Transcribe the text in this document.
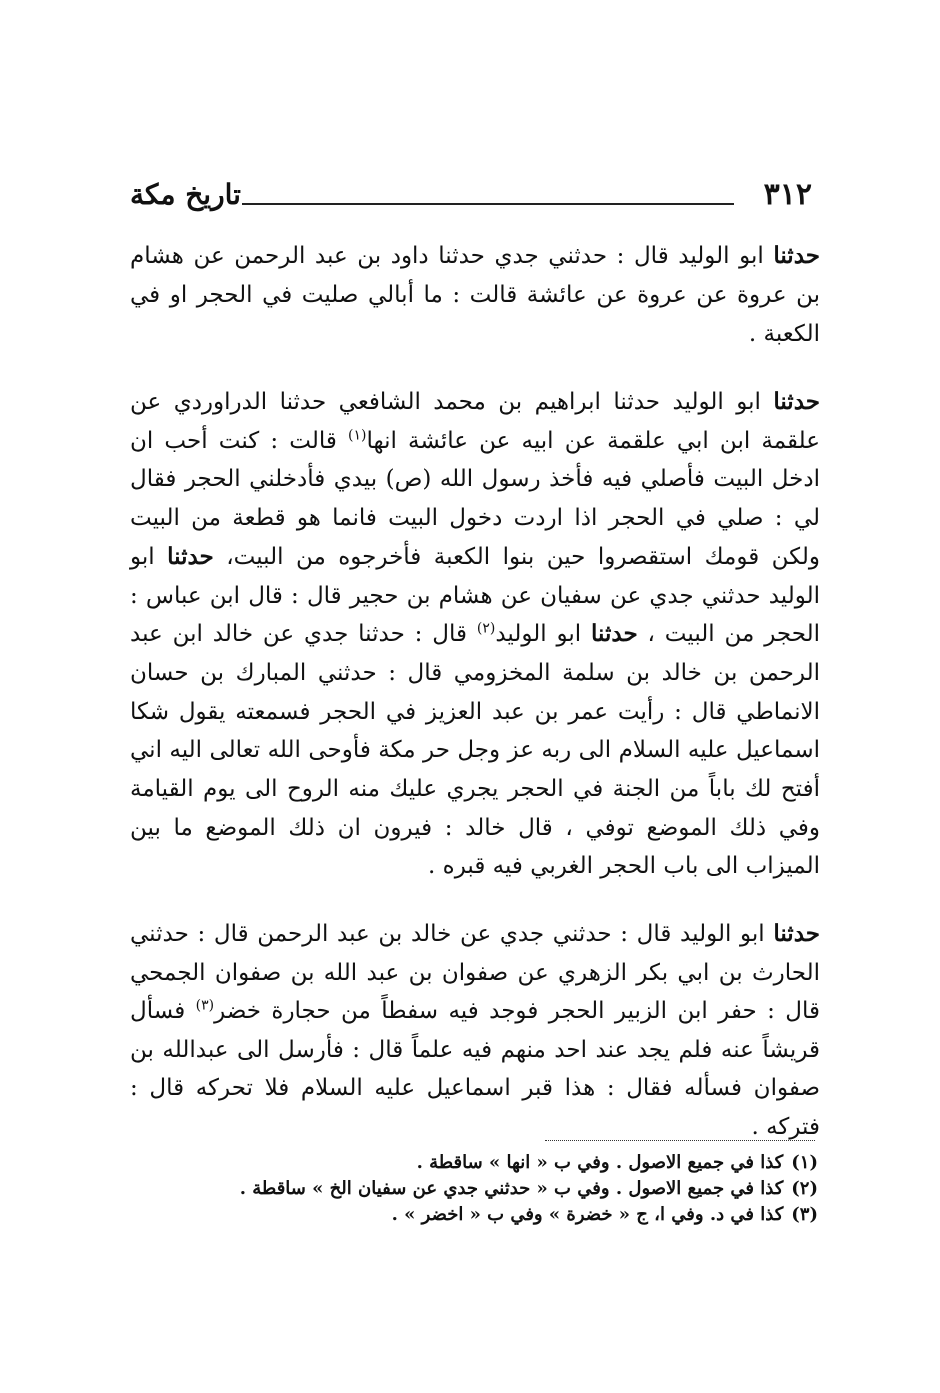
٣١٢
تاريخ مكة

حدثنا ابو الوليد قال : حدثني جدي حدثنا داود بن عبد الرحمن عن هشام بن عروة عن عروة عن عائشة قالت : ما أبالي صليت في الحجر او في الكعبة .

حدثنا ابو الوليد حدثنا ابراهيم بن محمد الشافعي حدثنا الدراوردي عن علقمة ابن ابي علقمة عن ابيه عن عائشة انها$^{(١)}$ قالت : كنت أحب ان ادخل البيت فأصلي فيه فأخذ رسول الله (ص) بيدي فأدخلني الحجر فقال لي : صلي في الحجر اذا اردت دخول البيت فانما هو قطعة من البيت ولكن قومك استقصروا حين بنوا الكعبة فأخرجوه من البيت، حدثنا ابو الوليد حدثني جدي عن سفيان عن هشام بن حجير قال : قال ابن عباس : الحجر من البيت ، حدثنا ابو الوليد$^{(٢)}$ قال : حدثنا جدي عن خالد ابن عبد الرحمن بن خالد بن سلمة المخزومي قال : حدثني المبارك بن حسان الانماطي قال : رأيت عمر بن عبد العزيز في الحجر فسمعته يقول شكا اسماعيل عليه السلام الى ربه عز وجل حر مكة فأوحى الله تعالى اليه اني أفتح لك باباً من الجنة في الحجر يجري عليك منه الروح الى يوم القيامة وفي ذلك الموضع توفي ، قال خالد : فيرون ان ذلك الموضع ما بين الميزاب الى باب الحجر الغربي فيه قبره .

حدثنا ابو الوليد قال : حدثني جدي عن خالد بن عبد الرحمن قال : حدثني الحارث بن ابي بكر الزهري عن صفوان بن عبد الله بن صفوان الجمحي قال : حفر ابن الزبير الحجر فوجد فيه سفطاً من حجارة خضر$^{(٣)}$ فسأل قريشاً عنه فلم يجد عند احد منهم فيه علماً قال : فأرسل الى عبدالله بن صفوان فسأله فقال : هذا قبر اسماعيل عليه السلام فلا تحركه قال : فتركه .

(١)كذا في جميع الاصول . وفي ب « انها » ساقطة .
(٢)كذا في جميع الاصول . وفي ب « حدثني جدي عن سفيان الخ » ساقطة .
(٣)كذا في د. وفي ا، ج « خضرة » وفي ب « اخضر » .
